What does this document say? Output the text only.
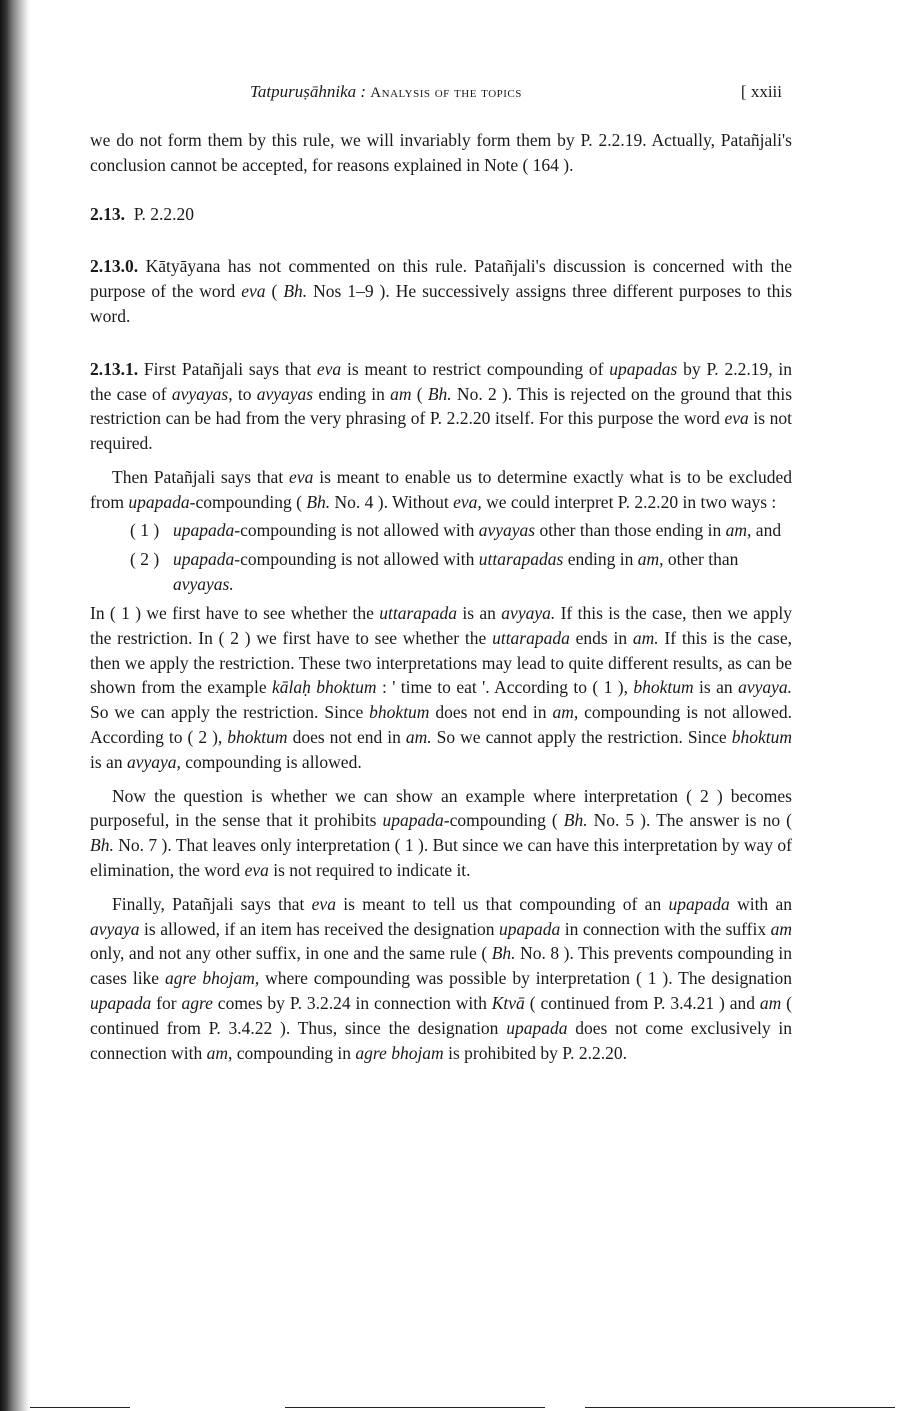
Tatpuruṣāhnika : Analysis of the topics	[ xxiii

we do not form them by this rule, we will invariably form them by P. 2.2.19. Actually, Patañjali's conclusion cannot be accepted, for reasons explained in Note ( 164 ).

2.13. P. 2.2.20

2.13.0. Kātyāyana has not commented on this rule. Patañjali's discussion is concerned with the purpose of the word eva ( Bh. Nos 1–9 ). He successively assigns three different purposes to this word.

2.13.1. First Patañjali says that eva is meant to restrict compounding of upapadas by P. 2.2.19, in the case of avyayas, to avyayas ending in am ( Bh. No. 2 ). This is rejected on the ground that this restriction can be had from the very phrasing of P. 2.2.20 itself. For this purpose the word eva is not required.

Then Patañjali says that eva is meant to enable us to determine exactly what is to be excluded from upapada-compounding ( Bh. No. 4 ). Without eva, we could interpret P. 2.2.20 in two ways :

( 1 ) upapada-compounding is not allowed with avyayas other than those ending in am, and

( 2 ) upapada-compounding is not allowed with uttarapadas ending in am, other than avyayas.

In ( 1 ) we first have to see whether the uttarapada is an avyaya. If this is the case, then we apply the restriction. In ( 2 ) we first have to see whether the uttarapada ends in am. If this is the case, then we apply the restriction. These two interpretations may lead to quite different results, as can be shown from the example kālaḥ bhoktum : ' time to eat '. According to ( 1 ), bhoktum is an avyaya. So we can apply the restriction. Since bhoktum does not end in am, compounding is not allowed. According to ( 2 ), bhoktum does not end in am. So we cannot apply the restriction. Since bhoktum is an avyaya, compounding is allowed.

Now the question is whether we can show an example where interpretation ( 2 ) becomes purposeful, in the sense that it prohibits upapada-compounding ( Bh. No. 5 ). The answer is no ( Bh. No. 7 ). That leaves only interpretation ( 1 ). But since we can have this interpretation by way of elimination, the word eva is not required to indicate it.

Finally, Patañjali says that eva is meant to tell us that compounding of an upapada with an avyaya is allowed, if an item has received the designation upapada in connection with the suffix am only, and not any other suffix, in one and the same rule ( Bh. No. 8 ). This prevents compounding in cases like agre bhojam, where compounding was possible by interpretation ( 1 ). The designation upapada for agre comes by P. 3.2.24 in connection with Ktvā ( continued from P. 3.4.21 ) and am ( continued from P. 3.4.22 ). Thus, since the designation upapada does not come exclusively in connection with am, compounding in agre bhojam is prohibited by P. 2.2.20.
